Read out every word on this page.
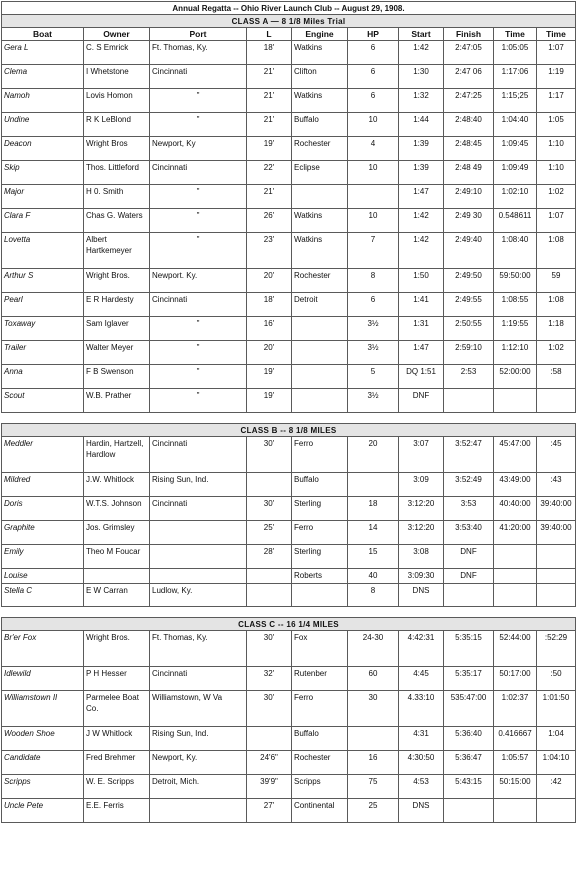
Annual Regatta -- Ohio River Launch Club -- August 29, 1908.									
CLASS A — 8 1/8 Miles Trial									
Boat	Owner	Port	L	Engine	HP	Start	Finish	Time	Time
Gera L	C. S Emrick	Ft. Thomas, Ky.	18'	Watkins	6	1:42	2:47:05	1:05:05	1:07
Clema	I Whetstone	Cincinnati	21'	Clifton	6	1:30	2:47 06	1:17:06	1:19
Namoh	Lovis Homon	"	21'	Watkins	6	1:32	2:47:25	1:15;25	1:17
Undine	R K LeBlond	"	21'	Buffalo	10	1:44	2:48:40	1:04:40	1:05
Deacon	Wright Bros	Newport, Ky	19'	Rochester	4	1:39	2:48:45	1:09:45	1:10
Skip	Thos. Littleford	Cincinnati	22'	Eclipse	10	1:39	2:48 49	1:09:49	1:10
Major	H 0. Smith	"	21'			1:47	2:49:10	1:02:10	1:02
Clara F	Chas G. Waters	"	26'	Watkins	10	1:42	2:49 30	0.548611	1:07
Lovetta	Albert Hartkemeyer	"	23'	Watkins	7	1:42	2:49:40	1:08:40	1:08
Arthur S	Wright Bros.	Newport. Ky.	20'	Rochester	8	1:50	2:49:50	59:50:00	59
Pearl	E R Hardesty	Cincinnati	18'	Detroit	6	1:41	2:49:55	1:08:55	1:08
Toxaway	Sam Iglaver	"	16'		3½	1:31	2:50:55	1:19:55	1:18
Trailer	Walter Meyer	"	20'		3½	1:47	2:59:10	1:12:10	1:02
Anna	F B Swenson	"	19'		5	DQ 1:51	2:53	52:00:00	:58
Scout	W.B. Prather	"	19'		3½	DNF			

CLASS B -- 8 1/8 MILES									
Meddler	Hardin, Hartzell, Hardlow	Cincinnati	30'	Ferro	20	3:07	3:52:47	45:47:00	:45
Mildred	J.W. Whitlock	Rising Sun, Ind.		Buffalo		3:09	3:52:49	43:49:00	:43
Doris	W.T.S. Johnson	Cincinnati	30'	Sterling	18	3:12:20	3:53	40:40:00	39:40:00
Graphite	Jos. Grimsley		25'	Ferro	14	3:12:20	3:53:40	41:20:00	39:40:00
Emily	Theo M Foucar		28'	Sterling	15	3:08	DNF		
Louise				Roberts	40	3:09:30	DNF		
Stella C	E W Carran	Ludlow, Ky.			8	DNS			

CLASS C -- 16 1/4 MILES									
Br'er Fox	Wright Bros.	Ft. Thomas, Ky.	30'	Fox	24-30	4:42:31	5:35:15	52:44:00	:52:29
Idlewild	P H Hesser	Cincinnati	32'	Rutenber	60	4:45	5:35:17	50:17:00	:50
Williamstown II	Parmelee Boat Co.	Williamstown, W Va	30'	Ferro	30	4.33:10	535:47:00	1:02:37	1:01:50
Wooden Shoe	J W Whitlock	Rising Sun, Ind.		Buffalo		4:31	5:36:40	0.416667	1:04
Candidate	Fred Brehmer	Newport, Ky.	24'6"	Rochester	16	4:30:50	5:36:47	1:05:57	1:04:10
Scripps	W. E. Scripps	Detroit, Mich.	39'9"	Scripps	75	4:53	5:43:15	50:15:00	:42
Uncle Pete	E.E. Ferris		27'	Continental	25	DNS			
